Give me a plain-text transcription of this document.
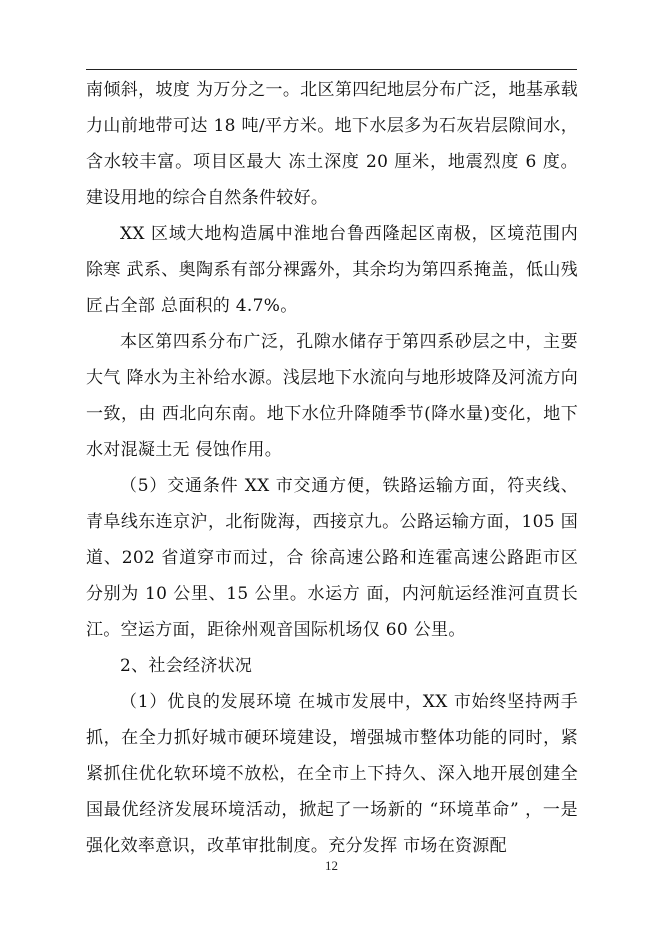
南倾斜，坡度 为万分之一。北区第四纪地层分布广泛，地基承载力山前地带可达 18 吨/平方米。地下水层多为石灰岩层隙间水，含水较丰富。项目区最大 冻土深度 20 厘米，地震烈度 6 度。建设用地的综合自然条件较好。

XX 区域大地构造属中淮地台鲁西隆起区南极，区境范围内除寒 武系、奥陶系有部分裸露外，其余均为第四系掩盖，低山残匠占全部 总面积的 4.7%。

本区第四系分布广泛，孔隙水储存于第四系砂层之中，主要大气 降水为主补给水源。浅层地下水流向与地形坡降及河流方向一致，由 西北向东南。地下水位升降随季节(降水量)变化，地下水对混凝土无 侵蚀作用。

（5）交通条件 XX 市交通方便，铁路运输方面，符夹线、青阜线东连京沪，北衔陇海，西接京九。公路运输方面，105 国道、202 省道穿市而过，合 徐高速公路和连霍高速公路距市区分别为 10 公里、15 公里。水运方 面，内河航运经淮河直贯长江。空运方面，距徐州观音国际机场仅 60 公里。

2、社会经济状况

（1）优良的发展环境 在城市发展中，XX 市始终坚持两手抓，在全力抓好城市硬环境建设，增强城市整体功能的同时，紧紧抓住优化软环境不放松，在全市上下持久、深入地开展创建全国最优经济发展环境活动，掀起了一场新的 “环境革命” ，一是强化效率意识，改革审批制度。充分发挥 市场在资源配

12
